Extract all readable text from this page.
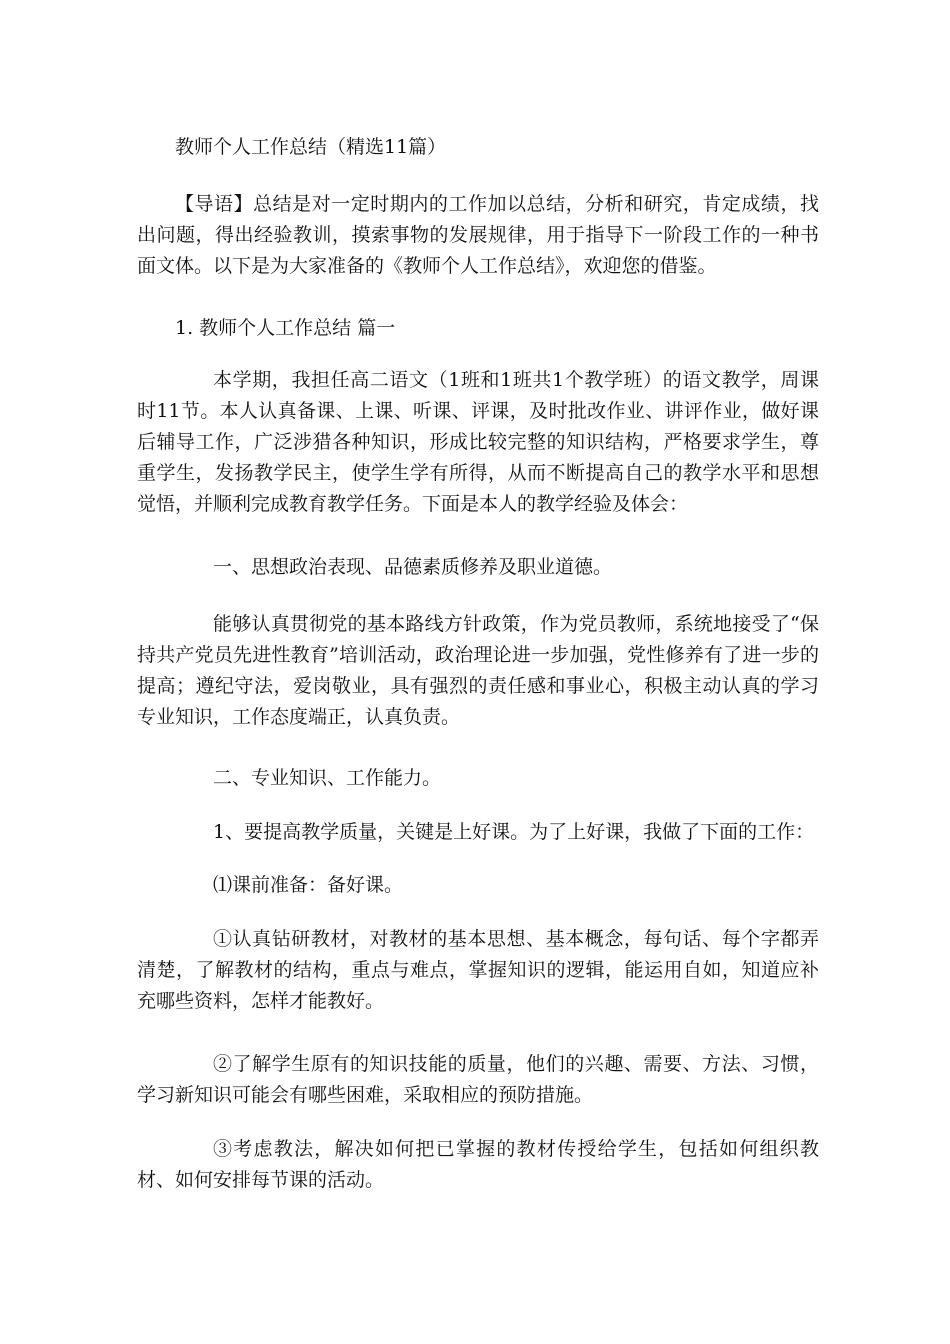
教师个人工作总结（精选11篇）

【导语】总结是对一定时期内的工作加以总结，分析和研究，肯定成绩，找出问题，得出经验教训，摸索事物的发展规律，用于指导下一阶段工作的一种书面文体。以下是为大家准备的《教师个人工作总结》，欢迎您的借鉴。

1. 教师个人工作总结 篇一

本学期，我担任高二语文（1班和1班共1个教学班）的语文教学，周课时11节。本人认真备课、上课、听课、评课，及时批改作业、讲评作业，做好课后辅导工作，广泛涉猎各种知识，形成比较完整的知识结构，严格要求学生，尊重学生，发扬教学民主，使学生学有所得，从而不断提高自己的教学水平和思想觉悟，并顺利完成教育教学任务。下面是本人的教学经验及体会：

一、思想政治表现、品德素质修养及职业道德。

能够认真贯彻党的基本路线方针政策，作为党员教师，系统地接受了“保持共产党员先进性教育”培训活动，政治理论进一步加强，党性修养有了进一步的提高；遵纪守法，爱岗敬业，具有强烈的责任感和事业心，积极主动认真的学习专业知识，工作态度端正，认真负责。

二、专业知识、工作能力。

1、要提高教学质量，关键是上好课。为了上好课，我做了下面的工作：

⑴课前准备：备好课。

①认真钻研教材，对教材的基本思想、基本概念，每句话、每个字都弄清楚，了解教材的结构，重点与难点，掌握知识的逻辑，能运用自如，知道应补充哪些资料，怎样才能教好。

②了解学生原有的知识技能的质量，他们的兴趣、需要、方法、习惯，学习新知识可能会有哪些困难，采取相应的预防措施。

③考虑教法，解决如何把已掌握的教材传授给学生，包括如何组织教材、如何安排每节课的活动。
